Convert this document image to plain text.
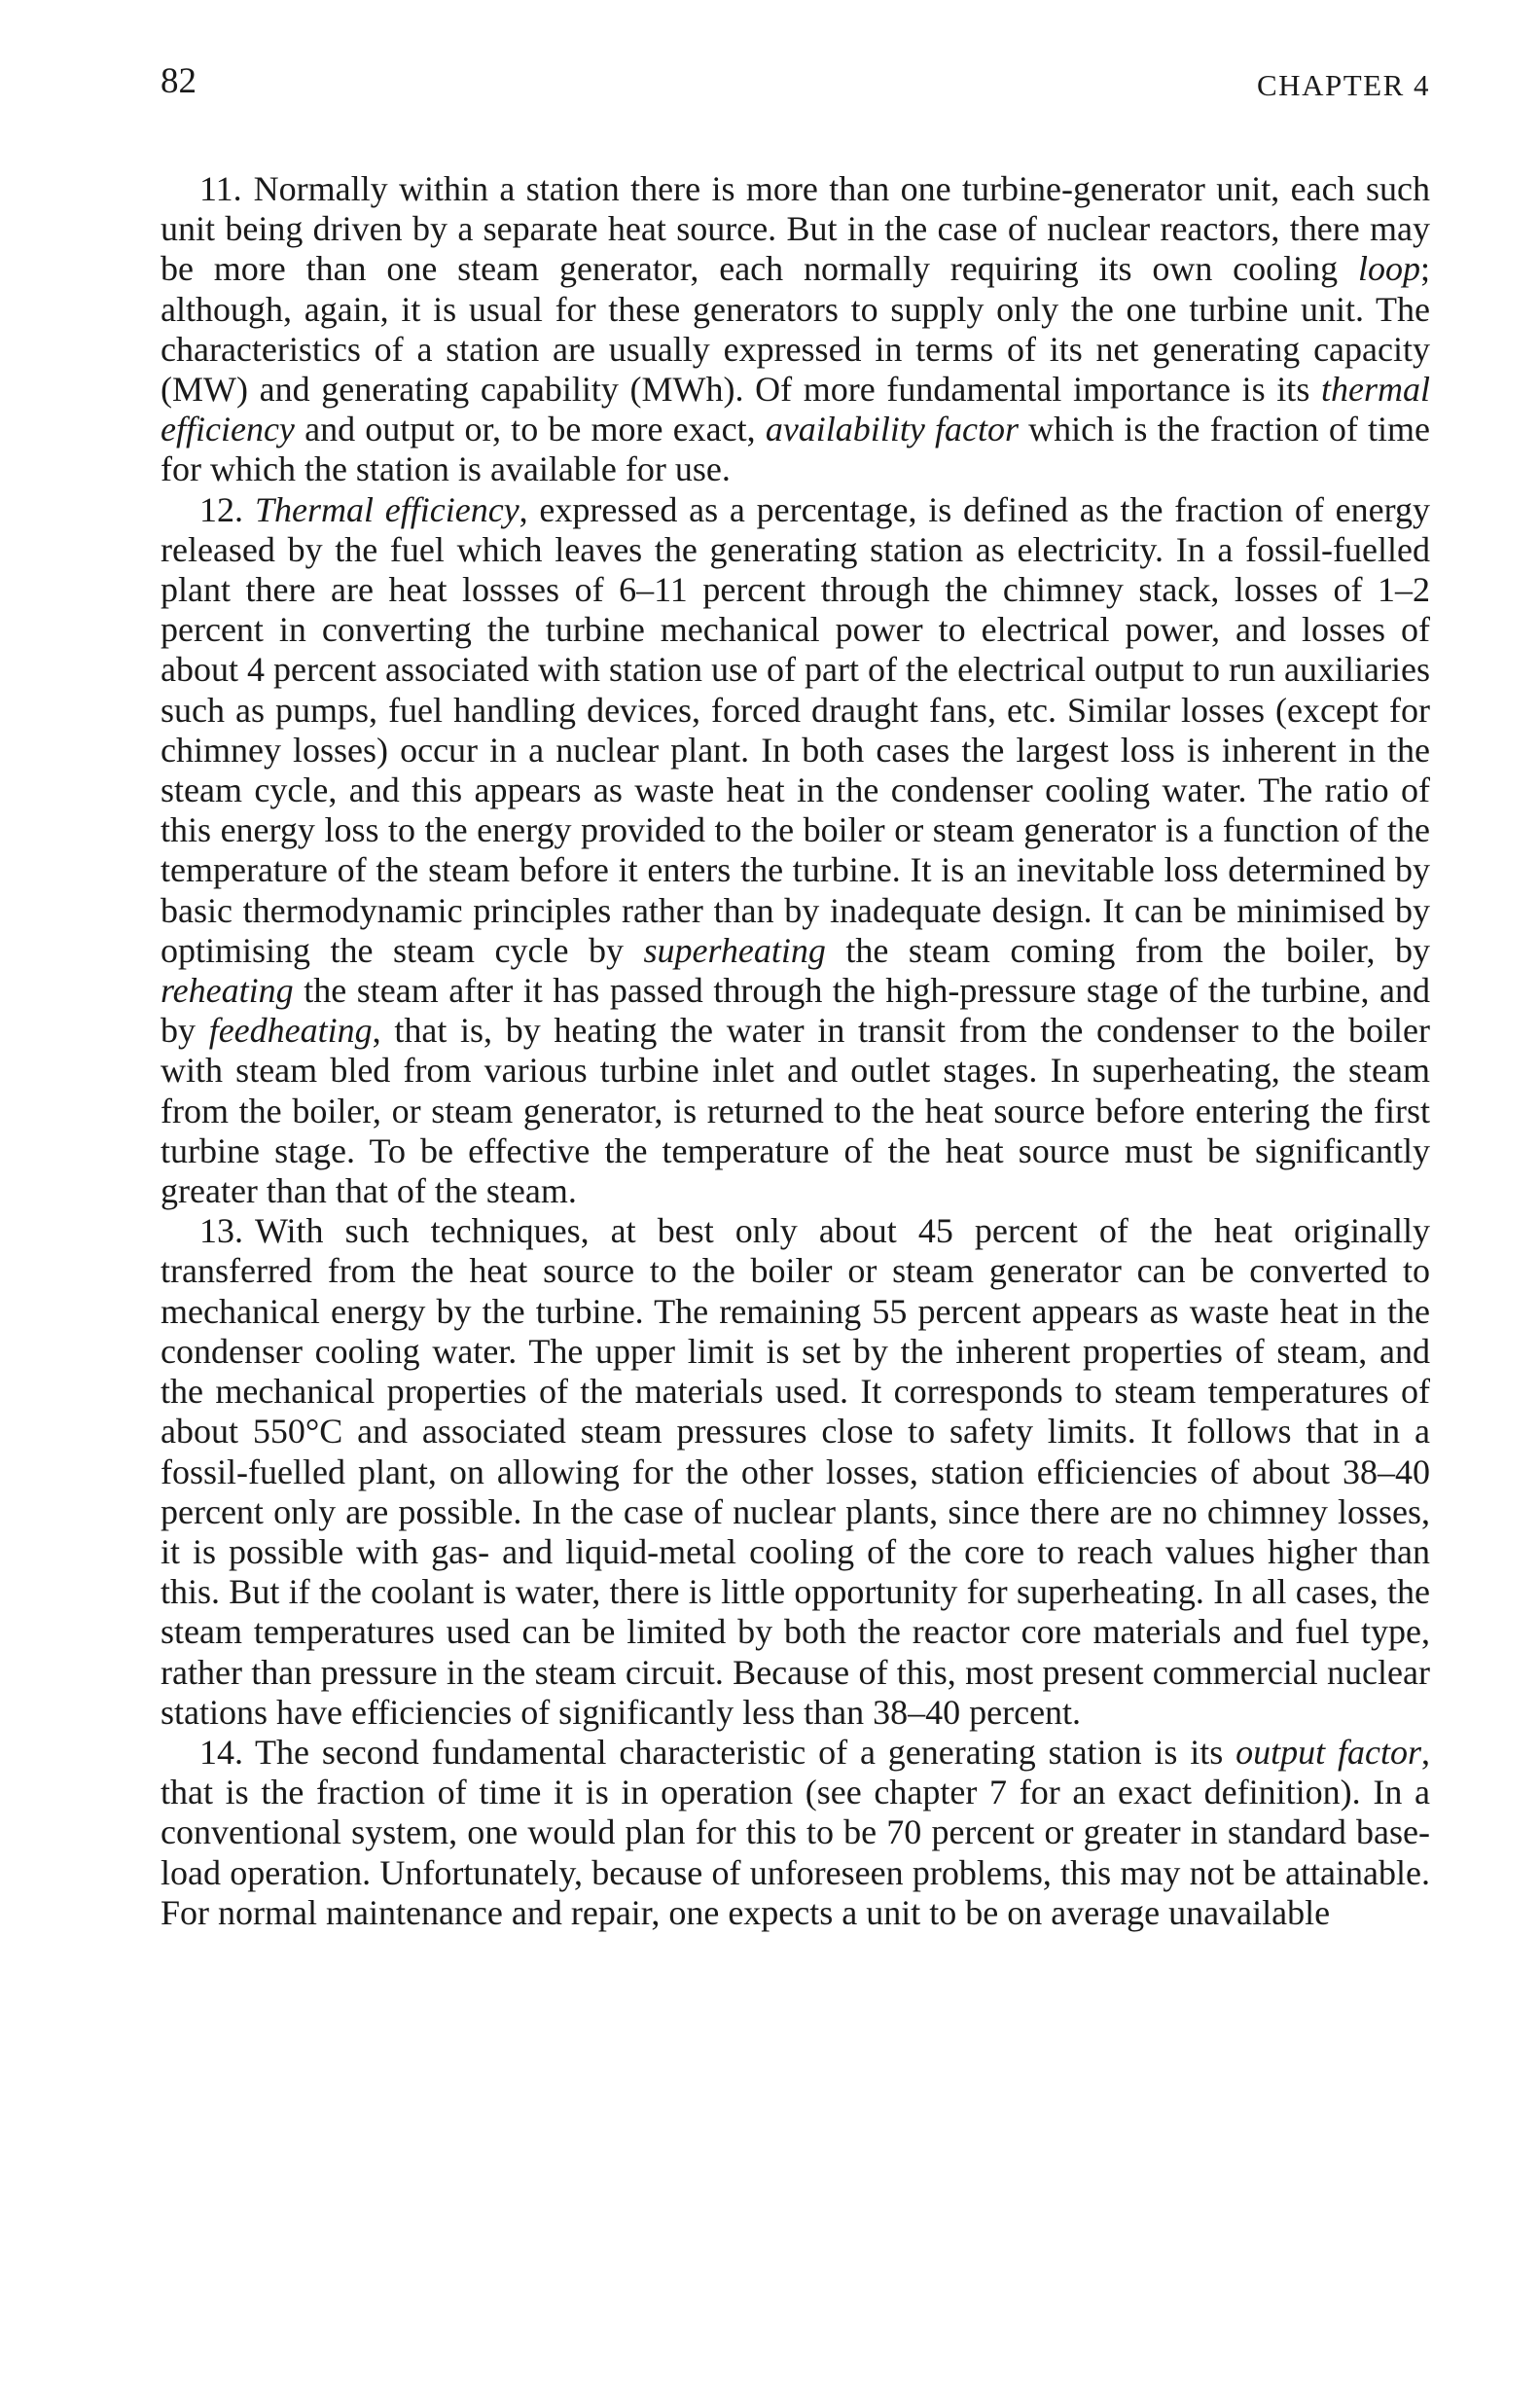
82	CHAPTER 4

11. Normally within a station there is more than one turbine-generator unit, each such unit being driven by a separate heat source. But in the case of nuclear reactors, there may be more than one steam generator, each normally requiring its own cooling loop; although, again, it is usual for these generators to supply only the one turbine unit. The characteristics of a station are usually expressed in terms of its net generating capacity (MW) and generating capability (MWh). Of more fundamental importance is its thermal efficiency and output or, to be more exact, availability factor which is the fraction of time for which the station is available for use.

12. Thermal efficiency, expressed as a percentage, is defined as the fraction of energy released by the fuel which leaves the generating station as electricity. In a fossil-fuelled plant there are heat lossses of 6–11 percent through the chimney stack, losses of 1–2 percent in converting the turbine mechanical power to electrical power, and losses of about 4 percent associated with station use of part of the electrical output to run auxiliaries such as pumps, fuel handling devices, forced draught fans, etc. Similar losses (except for chimney losses) occur in a nuclear plant. In both cases the largest loss is inherent in the steam cycle, and this appears as waste heat in the condenser cooling water. The ratio of this energy loss to the energy provided to the boiler or steam generator is a function of the temperature of the steam before it enters the turbine. It is an inevitable loss determined by basic thermodynamic principles rather than by inadequate design. It can be minimised by optimising the steam cycle by superheating the steam coming from the boiler, by reheating the steam after it has passed through the high-pressure stage of the turbine, and by feedheating, that is, by heating the water in transit from the condenser to the boiler with steam bled from various turbine inlet and outlet stages. In superheating, the steam from the boiler, or steam generator, is returned to the heat source before entering the first turbine stage. To be effective the temperature of the heat source must be significantly greater than that of the steam.

13. With such techniques, at best only about 45 percent of the heat originally transferred from the heat source to the boiler or steam generator can be converted to mechanical energy by the turbine. The remaining 55 percent appears as waste heat in the condenser cooling water. The upper limit is set by the inherent properties of steam, and the mechanical properties of the materials used. It corresponds to steam temperatures of about 550°C and associated steam pressures close to safety limits. It follows that in a fossil-fuelled plant, on allowing for the other losses, station efficiencies of about 38–40 percent only are possible. In the case of nuclear plants, since there are no chimney losses, it is possible with gas- and liquid-metal cooling of the core to reach values higher than this. But if the coolant is water, there is little opportunity for superheating. In all cases, the steam temperatures used can be limited by both the reactor core materials and fuel type, rather than pressure in the steam circuit. Because of this, most present commercial nuclear stations have efficiencies of significantly less than 38–40 percent.

14. The second fundamental characteristic of a generating station is its output factor, that is the fraction of time it is in operation (see chapter 7 for an exact definition). In a conventional system, one would plan for this to be 70 percent or greater in standard base-load operation. Unfortunately, because of unforeseen problems, this may not be attainable. For normal maintenance and repair, one expects a unit to be on average unavailable
